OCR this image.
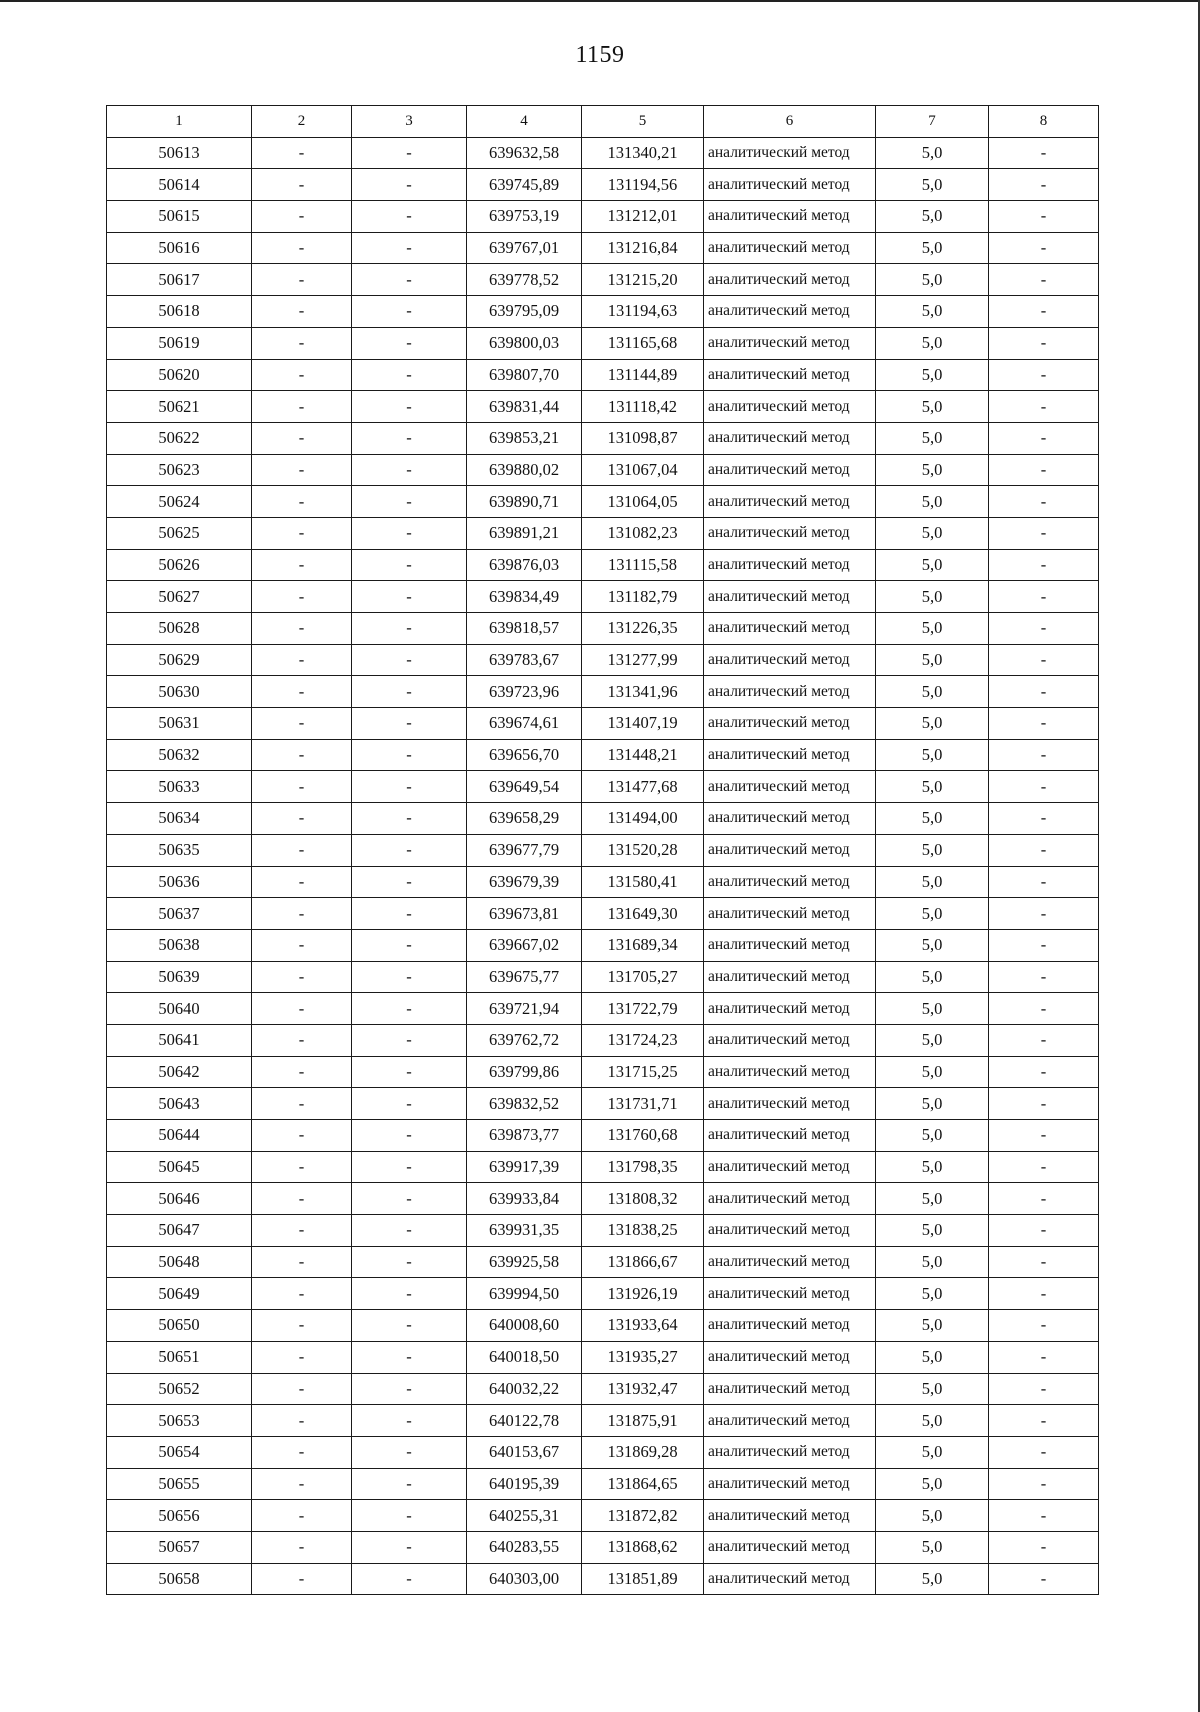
1159
1	2	3	4	5	6	7	8
50613	-	-	639632,58	131340,21	аналитический метод	5,0	-
50614	-	-	639745,89	131194,56	аналитический метод	5,0	-
50615	-	-	639753,19	131212,01	аналитический метод	5,0	-
50616	-	-	639767,01	131216,84	аналитический метод	5,0	-
50617	-	-	639778,52	131215,20	аналитический метод	5,0	-
50618	-	-	639795,09	131194,63	аналитический метод	5,0	-
50619	-	-	639800,03	131165,68	аналитический метод	5,0	-
50620	-	-	639807,70	131144,89	аналитический метод	5,0	-
50621	-	-	639831,44	131118,42	аналитический метод	5,0	-
50622	-	-	639853,21	131098,87	аналитический метод	5,0	-
50623	-	-	639880,02	131067,04	аналитический метод	5,0	-
50624	-	-	639890,71	131064,05	аналитический метод	5,0	-
50625	-	-	639891,21	131082,23	аналитический метод	5,0	-
50626	-	-	639876,03	131115,58	аналитический метод	5,0	-
50627	-	-	639834,49	131182,79	аналитический метод	5,0	-
50628	-	-	639818,57	131226,35	аналитический метод	5,0	-
50629	-	-	639783,67	131277,99	аналитический метод	5,0	-
50630	-	-	639723,96	131341,96	аналитический метод	5,0	-
50631	-	-	639674,61	131407,19	аналитический метод	5,0	-
50632	-	-	639656,70	131448,21	аналитический метод	5,0	-
50633	-	-	639649,54	131477,68	аналитический метод	5,0	-
50634	-	-	639658,29	131494,00	аналитический метод	5,0	-
50635	-	-	639677,79	131520,28	аналитический метод	5,0	-
50636	-	-	639679,39	131580,41	аналитический метод	5,0	-
50637	-	-	639673,81	131649,30	аналитический метод	5,0	-
50638	-	-	639667,02	131689,34	аналитический метод	5,0	-
50639	-	-	639675,77	131705,27	аналитический метод	5,0	-
50640	-	-	639721,94	131722,79	аналитический метод	5,0	-
50641	-	-	639762,72	131724,23	аналитический метод	5,0	-
50642	-	-	639799,86	131715,25	аналитический метод	5,0	-
50643	-	-	639832,52	131731,71	аналитический метод	5,0	-
50644	-	-	639873,77	131760,68	аналитический метод	5,0	-
50645	-	-	639917,39	131798,35	аналитический метод	5,0	-
50646	-	-	639933,84	131808,32	аналитический метод	5,0	-
50647	-	-	639931,35	131838,25	аналитический метод	5,0	-
50648	-	-	639925,58	131866,67	аналитический метод	5,0	-
50649	-	-	639994,50	131926,19	аналитический метод	5,0	-
50650	-	-	640008,60	131933,64	аналитический метод	5,0	-
50651	-	-	640018,50	131935,27	аналитический метод	5,0	-
50652	-	-	640032,22	131932,47	аналитический метод	5,0	-
50653	-	-	640122,78	131875,91	аналитический метод	5,0	-
50654	-	-	640153,67	131869,28	аналитический метод	5,0	-
50655	-	-	640195,39	131864,65	аналитический метод	5,0	-
50656	-	-	640255,31	131872,82	аналитический метод	5,0	-
50657	-	-	640283,55	131868,62	аналитический метод	5,0	-
50658	-	-	640303,00	131851,89	аналитический метод	5,0	-
